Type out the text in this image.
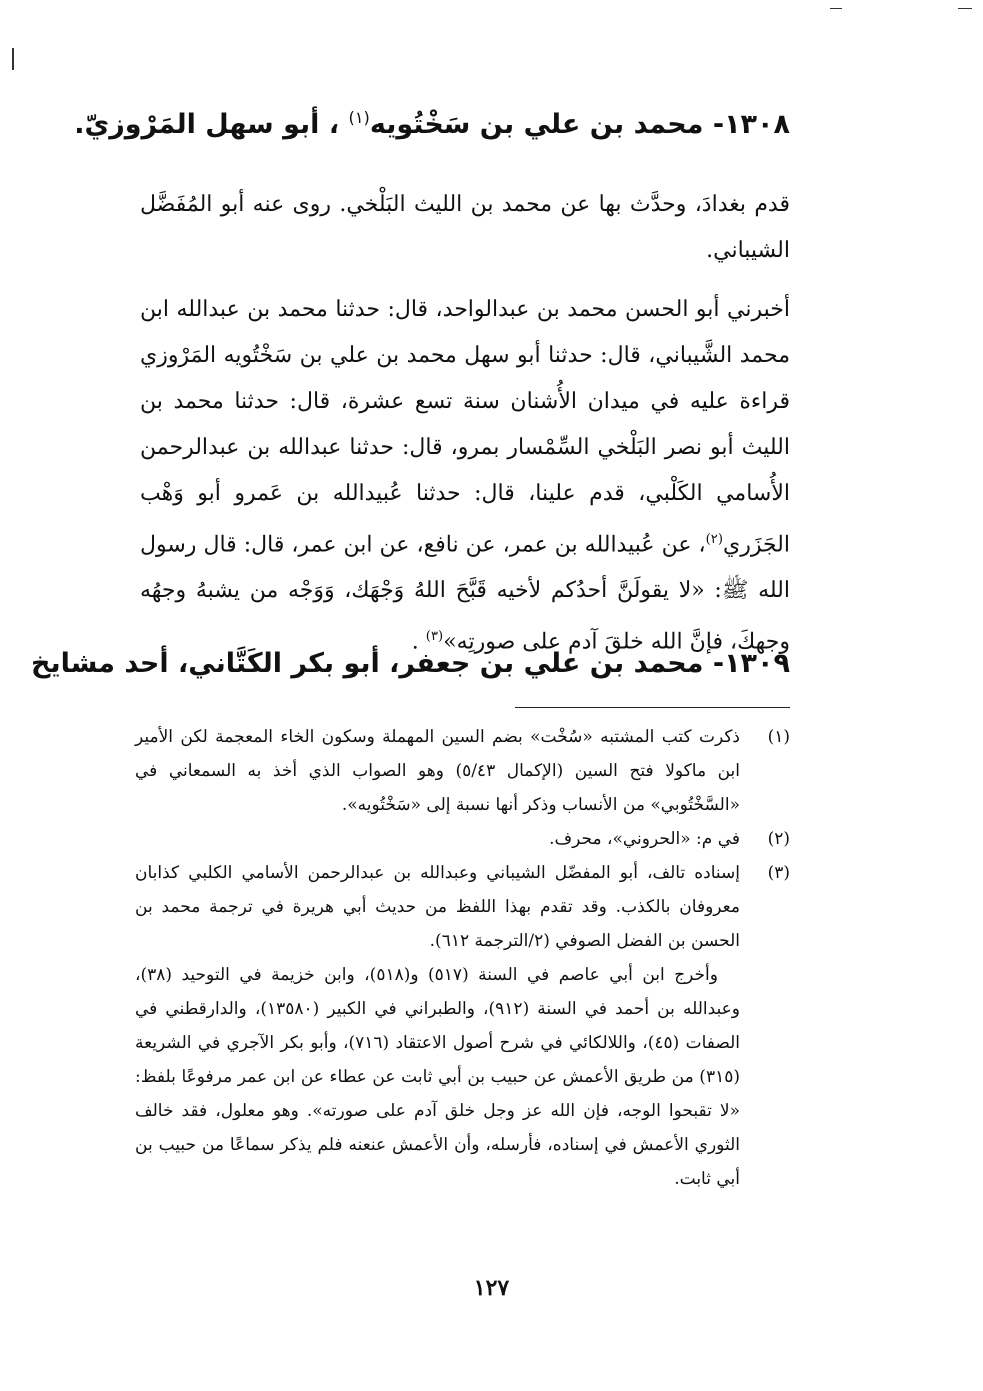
١٣٠٨- محمد بن علي بن سَخْتُويه$^{(١)}$ ، أبو سهل المَرْوزيّ.

قدم بغدادَ، وحدَّث بها عن محمد بن الليث البَلْخي. روى عنه أبو المُفَضَّل الشيباني.

أخبرني أبو الحسن محمد بن عبدالواحد، قال: حدثنا محمد بن عبدالله ابن محمد الشَّيباني، قال: حدثنا أبو سهل محمد بن علي بن سَخْتُويه المَرْوزي قراءة عليه في ميدان الأُشنان سنة تسع عشرة، قال: حدثنا محمد بن الليث أبو نصر البَلْخي السِّمْسار بمرو، قال: حدثنا عبدالله بن عبدالرحمن الأُسامي الكَلْبي، قدم علينا، قال: حدثنا عُبيدالله بن عَمرو أبو وَهْب الجَزَري$^{(٢)}$، عن عُبيدالله بن عمر، عن نافع، عن ابن عمر، قال: قال رسول الله ﷺ: «لا يقولَنَّ أحدُكم لأخيه قَبَّحَ اللهُ وَجْهَك، وَوَجْه من يشبهُ وجهُه وجهكَ، فإنَّ الله خلقَ آدم على صورتِه»$^{(٣)}$ .

١٣٠٩- محمد بن علي بن جعفر، أبو بكر الكَتَّاني، أحد مشايخ
(١)
ذكرت كتب المشتبه «سُخْت» بضم السين المهملة وسكون الخاء المعجمة لكن الأمير ابن ماكولا فتح السين (الإكمال ٥/٤٣) وهو الصواب الذي أخذ به السمعاني في «السَّخْتُوبي» من الأنساب وذكر أنها نسبة إلى «سَخْتُويه».
(٢)
في م: «الحروني»، محرف.
(٣)
إسناده تالف، أبو المفضّل الشيباني وعبدالله بن عبدالرحمن الأسامي الكلبي كذابان معروفان بالكذب. وقد تقدم بهذا اللفظ من حديث أبي هريرة في ترجمة محمد بن الحسن بن الفضل الصوفي (٢/الترجمة ٦١٢).

وأخرج ابن أبي عاصم في السنة (٥١٧) و(٥١٨)، وابن خزيمة في التوحيد (٣٨)، وعبدالله بن أحمد في السنة (٩١٢)، والطبراني في الكبير (١٣٥٨٠)، والدارقطني في الصفات (٤٥)، واللالكائي في شرح أصول الاعتقاد (٧١٦)، وأبو بكر الآجري في الشريعة (٣١٥) من طريق الأعمش عن حبيب بن أبي ثابت عن عطاء عن ابن عمر مرفوعًا بلفظ: «لا تقبحوا الوجه، فإن الله عز وجل خلق آدم على صورته». وهو معلول، فقد خالف الثوري الأعمش في إسناده، فأرسله، وأن الأعمش عنعنه فلم يذكر سماعًا من حبيب بن أبي ثابت.

١٢٧
